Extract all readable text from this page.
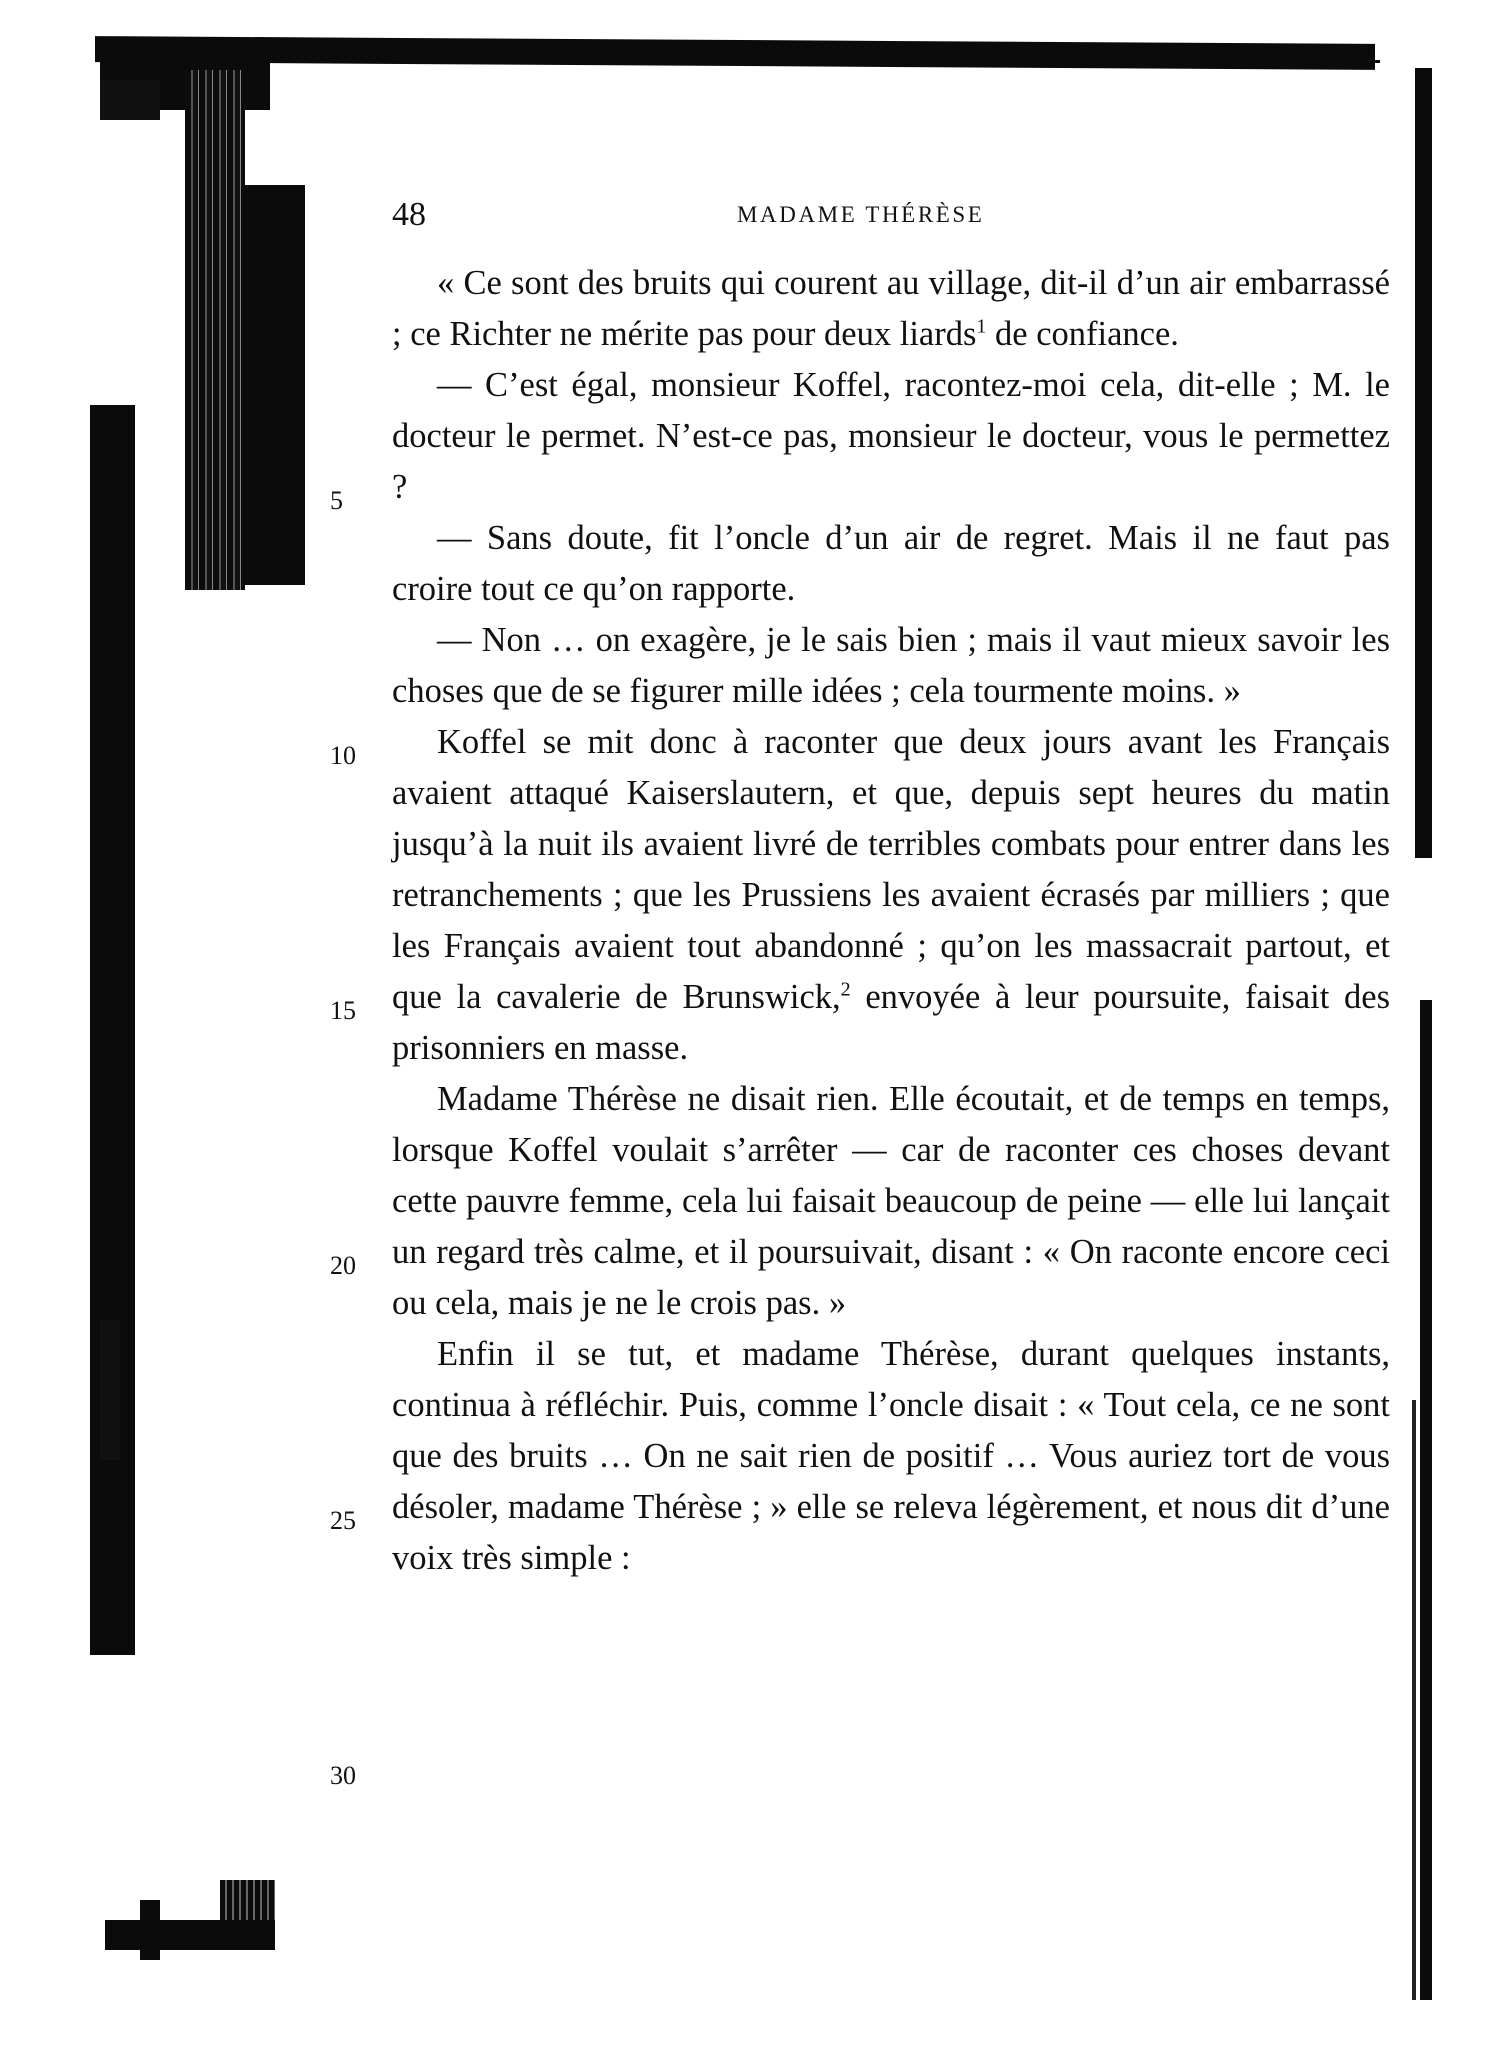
48	MADAME THÉRÈSE
5
10
15
20
25
30

« Ce sont des bruits qui courent au village, dit-il d’un air embarrassé ; ce Richter ne mérite pas pour deux liards$^1$ de confiance.

— C’est égal, monsieur Koffel, racontez-moi cela, dit-elle ; M. le docteur le permet. N’est-ce pas, monsieur le docteur, vous le permettez ?

— Sans doute, fit l’oncle d’un air de regret. Mais il ne faut pas croire tout ce qu’on rapporte.

— Non … on exagère, je le sais bien ; mais il vaut mieux savoir les choses que de se figurer mille idées ; cela tourmente moins. »

Koffel se mit donc à raconter que deux jours avant les Français avaient attaqué Kaiserslautern, et que, depuis sept heures du matin jusqu’à la nuit ils avaient livré de terribles combats pour entrer dans les retranchements ; que les Prussiens les avaient écrasés par milliers ; que les Français avaient tout abandonné ; qu’on les massacrait partout, et que la cavalerie de Brunswick,$^2$ envoyée à leur poursuite, faisait des prisonniers en masse.

Madame Thérèse ne disait rien. Elle écoutait, et de temps en temps, lorsque Koffel voulait s’arrêter — car de raconter ces choses devant cette pauvre femme, cela lui faisait beaucoup de peine — elle lui lançait un regard très calme, et il poursuivait, disant : « On raconte encore ceci ou cela, mais je ne le crois pas. »

Enfin il se tut, et madame Thérèse, durant quelques instants, continua à réfléchir. Puis, comme l’oncle disait : « Tout cela, ce ne sont que des bruits … On ne sait rien de positif … Vous auriez tort de vous désoler, madame Thérèse ; » elle se releva légèrement, et nous dit d’une voix très simple :
